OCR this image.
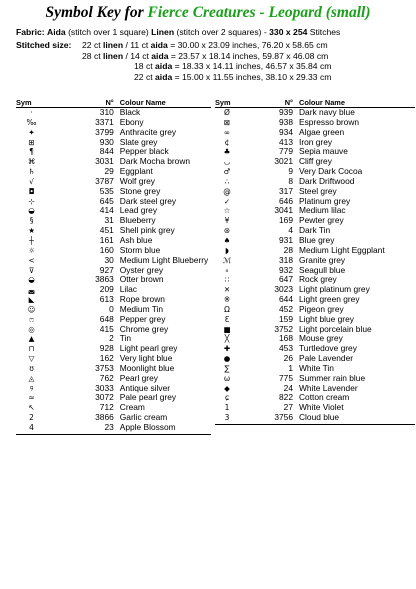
Symbol Key for Fierce Creatures - Leopard (small)
Fabric: Aida (stitch over 1 square) Linen (stitch over 2 squares) - 330 x 254 Stitches
Stitched size: 22 ct linen / 11 ct aida = 30.00 x 23.09 inches, 76.20 x 58.65 cm
28 ct linen / 14 ct aida = 23.57 x 18.14 inches, 59.87 x 46.08 cm
18 ct aida = 18.33 x 14.11 inches, 46.57 x 35.84 cm
22 ct aida = 15.00 x 11.55 inches, 38.10 x 29.33 cm
Sym	N°	Colour Name
·	310	Black
‰	3371	Ebony
✦	3799	Anthracite grey
⊞	930	Slate grey
¶	844	Pepper black
⌘	3031	Dark Mocha brown
♄	29	Eggplant
√	3787	Wolf grey
◘	535	Stone grey
⊹	645	Dark steel grey
◒	414	Lead grey
§	31	Blueberry
★	451	Shell pink grey
┼	161	Ash blue
☼	160	Storm blue
<	30	Medium Light Blueberry
⊽	927	Oyster grey
◒	3863	Otter brown
◛	209	Lilac
◣	613	Rope brown
☺	0	Medium Tin
ෆ	648	Pepper grey
◎	415	Chrome grey
▲	2	Tin
⊓	928	Light pearl grey
▽	162	Very light blue
ʊ	3753	Moonlight blue
◬	762	Pearl grey
୨	3033	Antique silver
≈	3072	Pale pearl grey
↖	712	Cream
2	3866	Garlic cream
4	23	Apple Blossom
Sym	N°	Colour Name
Ø	939	Dark navy blue
⊠	938	Espresso brown
∞	934	Algae green
¢	413	Iron grey
♣	779	Sepia mauve
◡	3021	Cliff grey
♂	9	Very Dark Cocoa
∴	8	Dark Driftwood
@	317	Steel grey
✓	646	Platinum grey
☆	3041	Medium lilac
¥	169	Pewter grey
⊛	4	Dark Tin
♠	931	Blue grey
◗	28	Medium Light Eggplant
ℳ	318	Granite grey
∘	932	Seagull blue
∷	647	Rock grey
✕	3023	Light platinum grey
※	644	Light green grey
Ω	452	Pigeon grey
Ɛ	159	Light blue grey
■	3752	Light porcelain blue
╳	168	Mouse grey
✚	453	Turtledove grey
●	26	Pale Lavender
∑	1	White Tin
ω	775	Summer rain blue
◆	24	White Lavender
ɕ	822	Cotton cream
1	27	White Violet
3	3756	Cloud blue
